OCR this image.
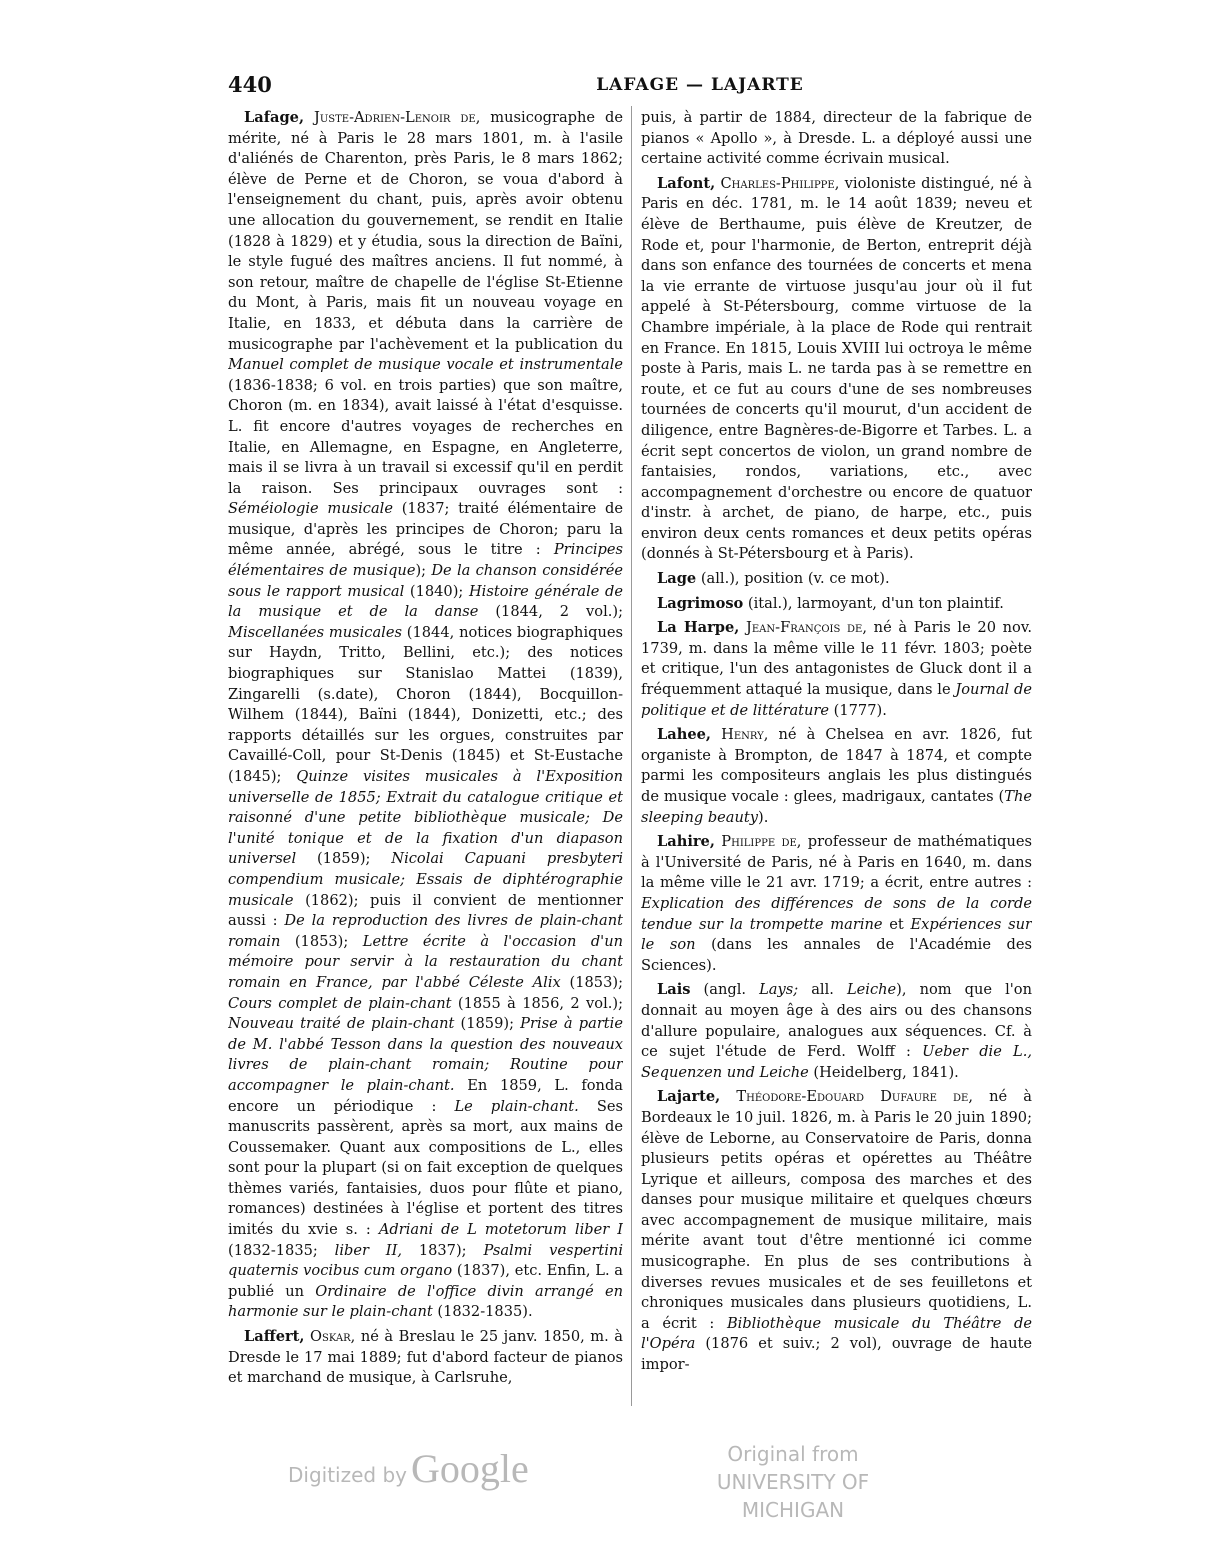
440	LAFAGE — LAJARTE

Lafage, Juste-Adrien-Lenoir de, musicographe de mérite, né à Paris le 28 mars 1801, m. à l'asile d'aliénés de Charenton, près Paris, le 8 mars 1862; élève de Perne et de Choron, se voua d'abord à l'enseignement du chant, puis, après avoir obtenu une allocation du gouvernement, se rendit en Italie (1828 à 1829) et y étudia, sous la direction de Baïni, le style fugué des maîtres anciens. Il fut nommé, à son retour, maître de chapelle de l'église St-Etienne du Mont, à Paris, mais fit un nouveau voyage en Italie, en 1833, et débuta dans la carrière de musicographe par l'achèvement et la publication du Manuel complet de musique vocale et instrumentale (1836-1838; 6 vol. en trois parties) que son maître, Choron (m. en 1834), avait laissé à l'état d'esquisse. L. fit encore d'autres voyages de recherches en Italie, en Allemagne, en Espagne, en Angleterre, mais il se livra à un travail si excessif qu'il en perdit la raison. Ses principaux ouvrages sont : Séméiologie musicale (1837; traité élémentaire de musique, d'après les principes de Choron; paru la même année, abrégé, sous le titre : Principes élémentaires de musique); De la chanson considérée sous le rapport musical (1840); Histoire générale de la musique et de la danse (1844, 2 vol.); Miscellanées musicales (1844, notices biographiques sur Haydn, Tritto, Bellini, etc.); des notices biographiques sur Stanislao Mattei (1839), Zingarelli (s.date), Choron (1844), Bocquillon-Wilhem (1844), Baïni (1844), Donizetti, etc.; des rapports détaillés sur les orgues, construites par Cavaillé-Coll, pour St-Denis (1845) et St-Eustache (1845); Quinze visites musicales à l'Exposition universelle de 1855; Extrait du catalogue critique et raisonné d'une petite bibliothèque musicale; De l'unité tonique et de la fixation d'un diapason universel (1859); Nicolai Capuani presbyteri compendium musicale; Essais de diphtérographie musicale (1862); puis il convient de mentionner aussi : De la reproduction des livres de plain-chant romain (1853); Lettre écrite à l'occasion d'un mémoire pour servir à la restauration du chant romain en France, par l'abbé Céleste Alix (1853); Cours complet de plain-chant (1855 à 1856, 2 vol.); Nouveau traité de plain-chant (1859); Prise à partie de M. l'abbé Tesson dans la question des nouveaux livres de plain-chant romain; Routine pour accompagner le plain-chant. En 1859, L. fonda encore un périodique : Le plain-chant. Ses manuscrits passèrent, après sa mort, aux mains de Coussemaker. Quant aux compositions de L., elles sont pour la plupart (si on fait exception de quelques thèmes variés, fantaisies, duos pour flûte et piano, romances) destinées à l'église et portent des titres imités du xvie s. : Adriani de L motetorum liber I (1832-1835; liber II, 1837); Psalmi vespertini quaternis vocibus cum organo (1837), etc. Enfin, L. a publié un Ordinaire de l'office divin arrangé en harmonie sur le plain-chant (1832-1835).

Laffert, Oskar, né à Breslau le 25 janv. 1850, m. à Dresde le 17 mai 1889; fut d'abord facteur de pianos et marchand de musique, à Carlsruhe,

puis, à partir de 1884, directeur de la fabrique de pianos « Apollo », à Dresde. L. a déployé aussi une certaine activité comme écrivain musical.

Lafont, Charles-Philippe, violoniste distingué, né à Paris en déc. 1781, m. le 14 août 1839; neveu et élève de Berthaume, puis élève de Kreutzer, de Rode et, pour l'harmonie, de Berton, entreprit déjà dans son enfance des tournées de concerts et mena la vie errante de virtuose jusqu'au jour où il fut appelé à St-Pétersbourg, comme virtuose de la Chambre impériale, à la place de Rode qui rentrait en France. En 1815, Louis XVIII lui octroya le même poste à Paris, mais L. ne tarda pas à se remettre en route, et ce fut au cours d'une de ses nombreuses tournées de concerts qu'il mourut, d'un accident de diligence, entre Bagnères-de-Bigorre et Tarbes. L. a écrit sept concertos de violon, un grand nombre de fantaisies, rondos, variations, etc., avec accompagnement d'orchestre ou encore de quatuor d'instr. à archet, de piano, de harpe, etc., puis environ deux cents romances et deux petits opéras (donnés à St-Pétersbourg et à Paris).

Lage (all.), position (v. ce mot).

Lagrimoso (ital.), larmoyant, d'un ton plaintif.

La Harpe, Jean-François de, né à Paris le 20 nov. 1739, m. dans la même ville le 11 févr. 1803; poète et critique, l'un des antagonistes de Gluck dont il a fréquemment attaqué la musique, dans le Journal de politique et de littérature (1777).

Lahee, Henry, né à Chelsea en avr. 1826, fut organiste à Brompton, de 1847 à 1874, et compte parmi les compositeurs anglais les plus distingués de musique vocale : glees, madrigaux, cantates (The sleeping beauty).

Lahire, Philippe de, professeur de mathématiques à l'Université de Paris, né à Paris en 1640, m. dans la même ville le 21 avr. 1719; a écrit, entre autres : Explication des différences de sons de la corde tendue sur la trompette marine et Expériences sur le son (dans les annales de l'Académie des Sciences).

Lais (angl. Lays; all. Leiche), nom que l'on donnait au moyen âge à des airs ou des chansons d'allure populaire, analogues aux séquences. Cf. à ce sujet l'étude de Ferd. Wolff : Ueber die L., Sequenzen und Leiche (Heidelberg, 1841).

Lajarte, Théodore-Edouard Dufaure de, né à Bordeaux le 10 juil. 1826, m. à Paris le 20 juin 1890; élève de Leborne, au Conservatoire de Paris, donna plusieurs petits opéras et opérettes au Théâtre Lyrique et ailleurs, composa des marches et des danses pour musique militaire et quelques chœurs avec accompagnement de musique militaire, mais mérite avant tout d'être mentionné ici comme musicographe. En plus de ses contributions à diverses revues musicales et de ses feuilletons et chroniques musicales dans plusieurs quotidiens, L. a écrit : Bibliothèque musicale du Théâtre de l'Opéra (1876 et suiv.; 2 vol), ouvrage de haute impor-

Digitized by Google	Original from
UNIVERSITY OF MICHIGAN
